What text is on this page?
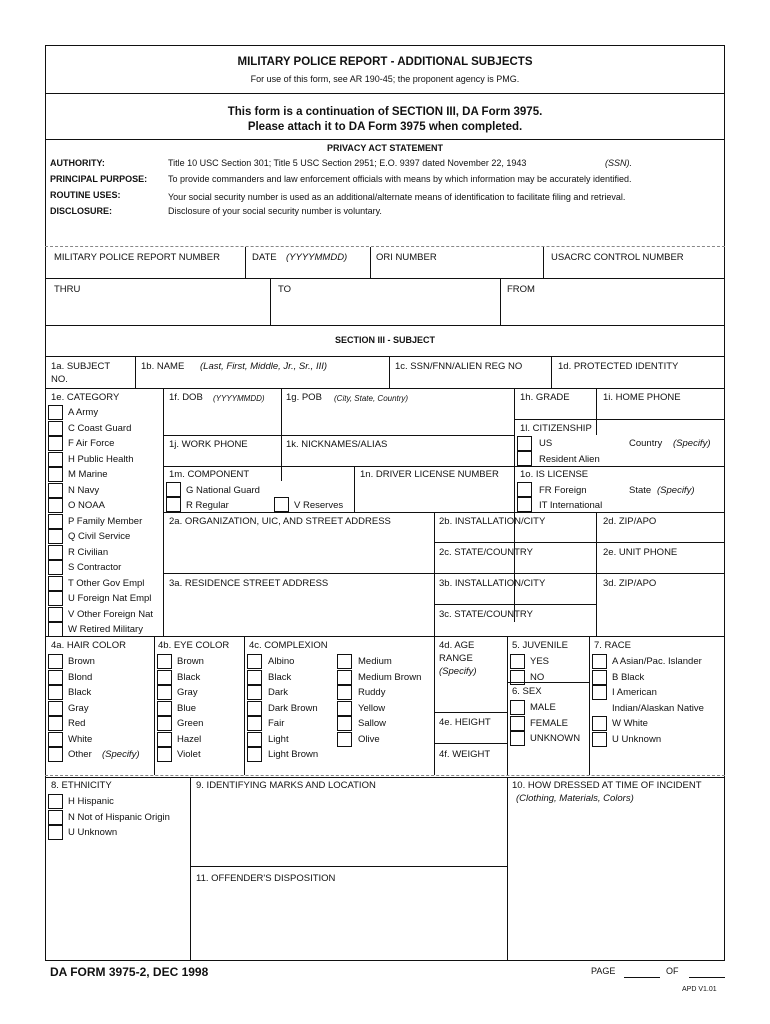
MILITARY POLICE REPORT - ADDITIONAL SUBJECTS
For use of this form, see AR 190-45; the proponent agency is PMG.
This form is a continuation of SECTION III, DA Form 3975.
Please attach it to DA Form 3975 when completed.
PRIVACY ACT STATEMENT
AUTHORITY:	Title 10 USC Section 301; Title 5 USC Section 2951; E.O. 9397 dated November 22, 1943	(SSN).
PRINCIPAL PURPOSE: To provide commanders and law enforcement officials with means by which information may be accurately identified.
ROUTINE USES:	Your social security number is used as an additional/alternate means of identification to facilitate filing and retrieval.
DISCLOSURE:	Disclosure of your social security number is voluntary.
MILITARY POLICE REPORT NUMBER	DATE (YYYYMMDD)	ORI NUMBER	USACRC CONTROL NUMBER
THRU	TO	FROM
SECTION III - SUBJECT
1a. SUBJECT
NO.
1b. NAME (Last, First, Middle, Jr., Sr., III)	1c. SSN/FNN/ALIEN REG NO	1d. PROTECTED IDENTITY
1e. CATEGORY
A Army
C Coast Guard
F Air Force
H Public Health
M Marine
N Navy
O NOAA
P Family Member
Q Civil Service
R Civilian
S Contractor
T Other Gov Empl
U Foreign Nat Empl
V Other Foreign Nat
W Retired Military
1f. DOB (YYYYMMDD) 1g. POB (City, State, Country)	1h. GRADE	1i. HOME PHONE
1j. WORK PHONE	1k. NICKNAMES/ALIAS
1l. CITIZENSHIP
US	Country (Specify)
Resident Alien
1m. COMPONENT
G National Guard
R Regular	V Reserves
1n. DRIVER LICENSE NUMBER 1o. IS LICENSE
FR Foreign	State (Specify)
IT International
2a. ORGANIZATION, UIC, AND STREET ADDRESS	2b. INSTALLATION/CITY	2d. ZIP/APO
2c. STATE/COUNTRY	2e. UNIT PHONE
3a. RESIDENCE STREET ADDRESS	3b. INSTALLATION/CITY	3d. ZIP/APO
3c. STATE/COUNTRY
4a. HAIR COLOR
Brown
Blond
Black
Gray
Red
White
Other (Specify)
4b. EYE COLOR
Brown
Black
Gray
Blue
Green
Hazel
Violet
4c. COMPLEXION
Albino
Black
Dark
Dark Brown
Fair
Light
Light Brown
Medium
Medium Brown
Ruddy
Yellow
Sallow
Olive
4d. AGE
RANGE
(Specify)
4e. HEIGHT
4f. WEIGHT
5. JUVENILE
YES
NO
6. SEX
MALE
FEMALE
UNKNOWN
7. RACE
A Asian/Pac. Islander
B Black
I American
Indian/Alaskan Native
W White
U Unknown
8. ETHNICITY
H Hispanic
N Not of Hispanic Origin
U Unknown
9. IDENTIFYING MARKS AND LOCATION
11. OFFENDER'S DISPOSITION
10. HOW DRESSED AT TIME OF INCIDENT
(Clothing, Materials, Colors)
DA FORM 3975-2, DEC 1998	PAGE	OF
APD V1.01
